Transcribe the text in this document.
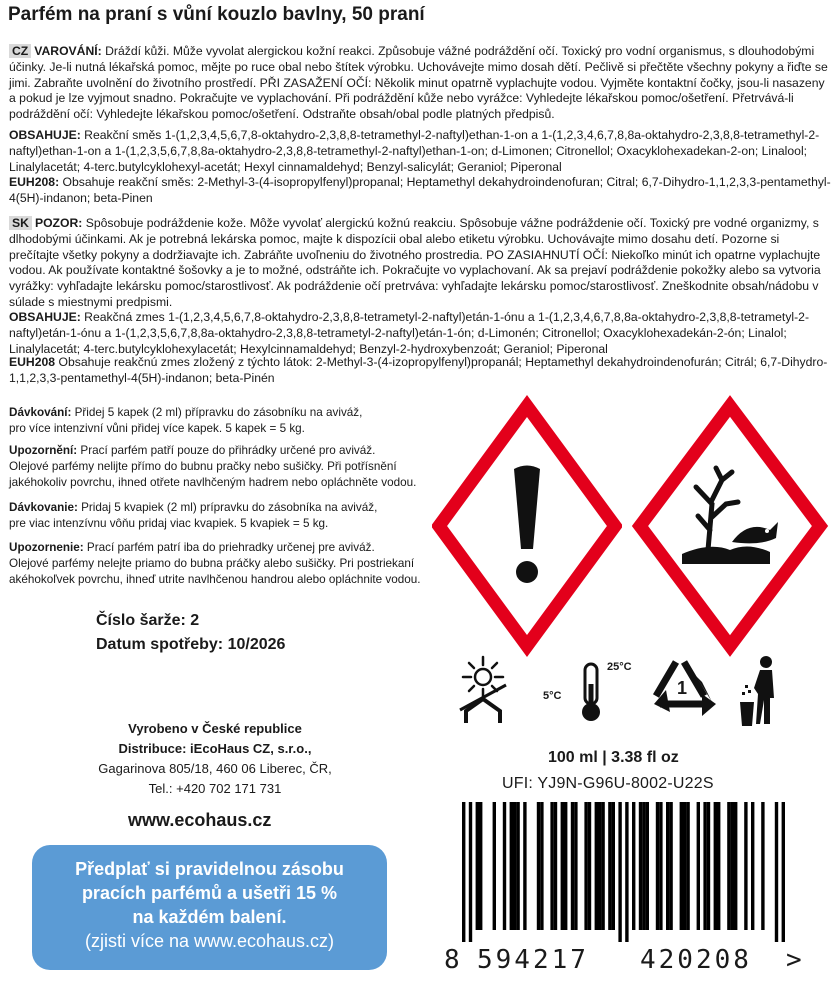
Parfém na praní s vůní kouzlo bavlny, 50 praní
CZ VAROVÁNÍ: Dráždí kůži. Může vyvolat alergickou kožní reakci. Způsobuje vážné podráždění očí. Toxický pro vodní organismus, s dlouhodobými účinky. Je-li nutná lékařská pomoc, mějte po ruce obal nebo štítek výrobku. Uchovávejte mimo dosah dětí. Pečlivě si přečtěte všechny pokyny a řiďte se jimi. Zabraňte uvolnění do životního prostředí. PŘI ZASAŽENÍ OČÍ: Několik minut opatrně vyplachujte vodou. Vyjměte kontaktní čočky, jsou-li nasazeny a pokud je lze vyjmout snadno. Pokračujte ve vyplachování. Při podráždění kůže nebo vyrážce: Vyhledejte lékařskou pomoc/ošetření. Přetrvává-li podráždění očí: Vyhledejte lékařskou pomoc/ošetření. Odstraňte obsah/obal podle platných předpisů.
OBSAHUJE: Reakční směs 1-(1,2,3,4,5,6,7,8-oktahydro-2,3,8,8-tetramethyl-2-naftyl)ethan-1-on a 1-(1,2,3,4,6,7,8,8a-oktahydro-2,3,8,8-tetramethyl-2-naftyl)ethan-1-on a 1-(1,2,3,5,6,7,8,8a-oktahydro-2,3,8,8-tetramethyl-2-naftyl)ethan-1-on; d-Limonen; Citronellol; Oxacyklohexadekan-2-on; Linalool; Linalylacetát; 4-terc.butylcyklohexyl-acetát; Hexyl cinnamaldehyd; Benzyl-salicylát; Geraniol; Piperonal
EUH208: Obsahuje reakční směs: 2-Methyl-3-(4-isopropylfenyl)propanal; Heptamethyl dekahydroindenofuran; Citral; 6,7-Dihydro-1,1,2,3,3-pentamethyl-4(5H)-indanon; beta-Pinen
SK POZOR: Spôsobuje podráždenie kože. Môže vyvolať alergickú kožnú reakciu. Spôsobuje vážne podráždenie očí. Toxický pre vodné organizmy, s dlhodobými účinkami. Ak je potrebná lekárska pomoc, majte k dispozícii obal alebo etiketu výrobku. Uchovávajte mimo dosahu detí. Pozorne si prečítajte všetky pokyny a dodržiavajte ich. Zabráňte uvoľneniu do životného prostredia. PO ZASIAHNUTÍ OČÍ: Niekoľko minút ich opatrne vyplachujte vodou. Ak používate kontaktné šošovky a je to možné, odstráňte ich. Pokračujte vo vyplachovaní. Ak sa prejaví podráždenie pokožky alebo sa vytvoria vyrážky: vyhľadajte lekársku pomoc/starostlivosť. Ak podráždenie očí pretrváva: vyhľadajte lekársku pomoc/starostlivosť. Zneškodnite obsah/nádobu v súlade s miestnymi predpismi.
OBSAHUJE: Reakčná zmes 1-(1,2,3,4,5,6,7,8-oktahydro-2,3,8,8-tetrametyl-2-naftyl)etán-1-ónu a 1-(1,2,3,4,6,7,8,8a-oktahydro-2,3,8,8-tetrametyl-2-naftyl)etán-1-ónu a 1-(1,2,3,5,6,7,8,8a-oktahydro-2,3,8,8-tetrametyl-2-naftyl)etán-1-ón; d-Limonén; Citronellol; Oxacyklohexadekán-2-ón; Linalol; Linalylacetát; 4-terc.butylcyklohexylacetát; Hexylcinnamaldehyd; Benzyl-2-hydroxybenzoát; Geraniol; Piperonal
EUH208 Obsahuje reakčnú zmes zložený z týchto látok: 2-Methyl-3-(4-izopropylfenyl)propanál; Heptamethyl dekahydroindenofurán; Citrál; 6,7-Dihydro-1,1,2,3,3-pentamethyl-4(5H)-indanon; beta-Pinén
Dávkování: Přidej 5 kapek (2 ml) přípravku do zásobníku na aviváž,
pro více intenzivní vůni přidej více kapek. 5 kapek = 5 kg.
Upozornění: Prací parfém patří pouze do přihrádky určené pro aviváž.
Olejové parfémy nelijte přímo do bubnu pračky nebo sušičky. Při potřísnění
jakéhokoliv povrchu, ihned otřete navlhčeným hadrem nebo opláchněte vodou.
Dávkovanie: Pridaj 5 kvapiek (2 ml) prípravku do zásobníka na aviváž,
pre viac intenzívnu vôňu pridaj viac kvapiek. 5 kvapiek = 5 kg.
Upozornenie: Prací parfém patrí iba do priehradky určenej pre aviváž.
Olejové parfémy nelejte priamo do bubna práčky alebo sušičky. Pri postriekaní
akéhokoľvek povrchu, ihneď utrite navlhčenou handrou alebo opláchnite vodou.
Číslo šarže: 2
Datum spotřeby: 10/2026
Vyrobeno v České republice
Distribuce: iEcoHaus CZ, s.r.o.,
Gagarinova 805/18, 460 06 Liberec, ČR,
Tel.: +420 702 171 731
www.ecohaus.cz
Předplať si pravidelnou zásobu
pracích parfémů a ušetři 15 %
na každém balení.
(zjisti více na www.ecohaus.cz)
25°C
5°C	1
100 ml | 3.38 fl oz
UFI: YJ9N-G96U-8002-U22S
8 594217 420208 >
